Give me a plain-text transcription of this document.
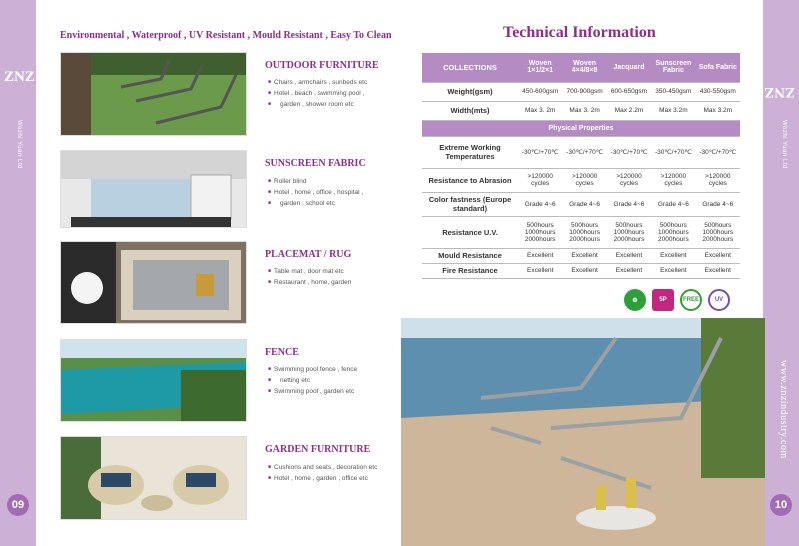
ZNZ
Wozhi Yuan Ltd
09
ZNZ
Wozhi Yuan Ltd
www.znzindustry.com
10
Environmental , Waterproof , UV Resistant , Mould Resistant , Easy To Clean
OUTDOOR FURNITURE
■ Chairs , armchairs , sunbeds etc
■ Hotel , beach , swimming pool ,
■ garden , shower room etc
SUNSCREEN FABRIC
■ Roller blind
■ Hotel , home , office , hospital ,
■ garden , school etc
PLACEMAT / RUG
■ Table mat , door mat etc
■ Restaurant , home, garden
FENCE
■ Swimming pool fence , fence
■ netting etc
■ Swimming pool , garden etc
GARDEN FURNITURE
■ Cushions and seats , decoration etc
■ Hotel , home , garden , office etc
Technical Information
COLLECTIONS	Woven 1×1/2×1	Woven 4×4/8×8	Jacquard	Sunscreen Fabric	Sofa Fabric
Weight(gsm)	450-600gsm	700-900gsm	600-650gsm	350-450gsm	430-550gsm
Width(mts)	Max 3. 2m	Max 3. 2m	Max 2.2m	Max 3.2m	Max 3.2m
Physical Properties					
Extreme Working Temperatures	-30℃/+70℃	-30℃/+70℃	-30℃/+70℃	-30℃/+70℃	-30℃/+70℃
Resistance to Abrasion	>120000 cycles	>120000 cycles	>120000 cycles	>120000 cycles	>120000 cycles
Color fastness (Europe standard)	Grade 4~6	Grade 4~6	Grade 4~6	Grade 4~6	Grade 4~6
Resistance U.V.	500hours 1000hours 2000hours	500hours 1000hours 2000hours	500hours 1000hours 2000hours	500hours 1000hours 2000hours	500hours 1000hours 2000hours
Mould Resistance	Excellent	Excellent	Excellent	Excellent	Excellent
Fire Resistance	Excellent	Excellent	Excellent	Excellent	Excellent
♻	5P	FREE	UV
